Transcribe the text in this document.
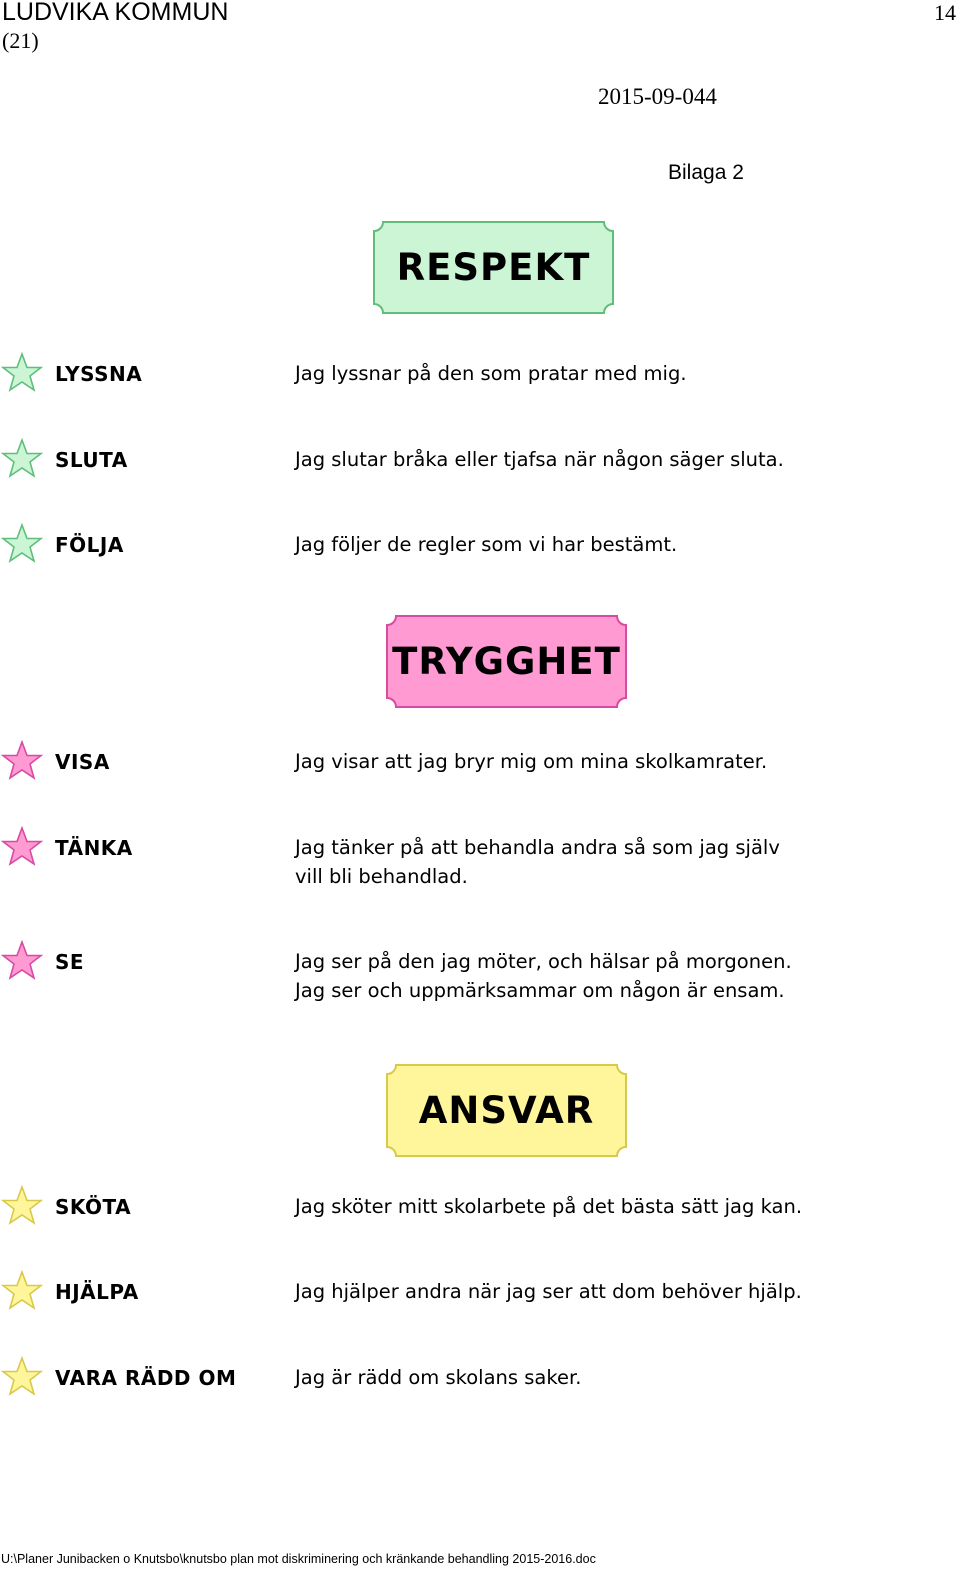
LUDVIKA KOMMUN	14
(21)
2015-09-044
Bilaga 2
RESPEKT
LYSSNA	Jag lyssnar på den som pratar med mig.
SLUTA	Jag slutar bråka eller tjafsa när någon säger sluta.
FÖLJA	Jag följer de regler som vi har bestämt.
TRYGGHET
VISA	Jag visar att jag bryr mig om mina skolkamrater.
TÄNKA	Jag tänker på att behandla andra så som jag själv
vill bli behandlad.
SE	Jag ser på den jag möter, och hälsar på morgonen.
Jag ser och uppmärksammar om någon är ensam.
ANSVAR
SKÖTA	Jag sköter mitt skolarbete på det bästa sätt jag kan.
HJÄLPA	Jag hjälper andra när jag ser att dom behöver hjälp.
VARA RÄDD OM	Jag är rädd om skolans saker.
U:\Planer Junibacken o Knutsbo\knutsbo plan mot diskriminering och kränkande behandling 2015-2016.doc
